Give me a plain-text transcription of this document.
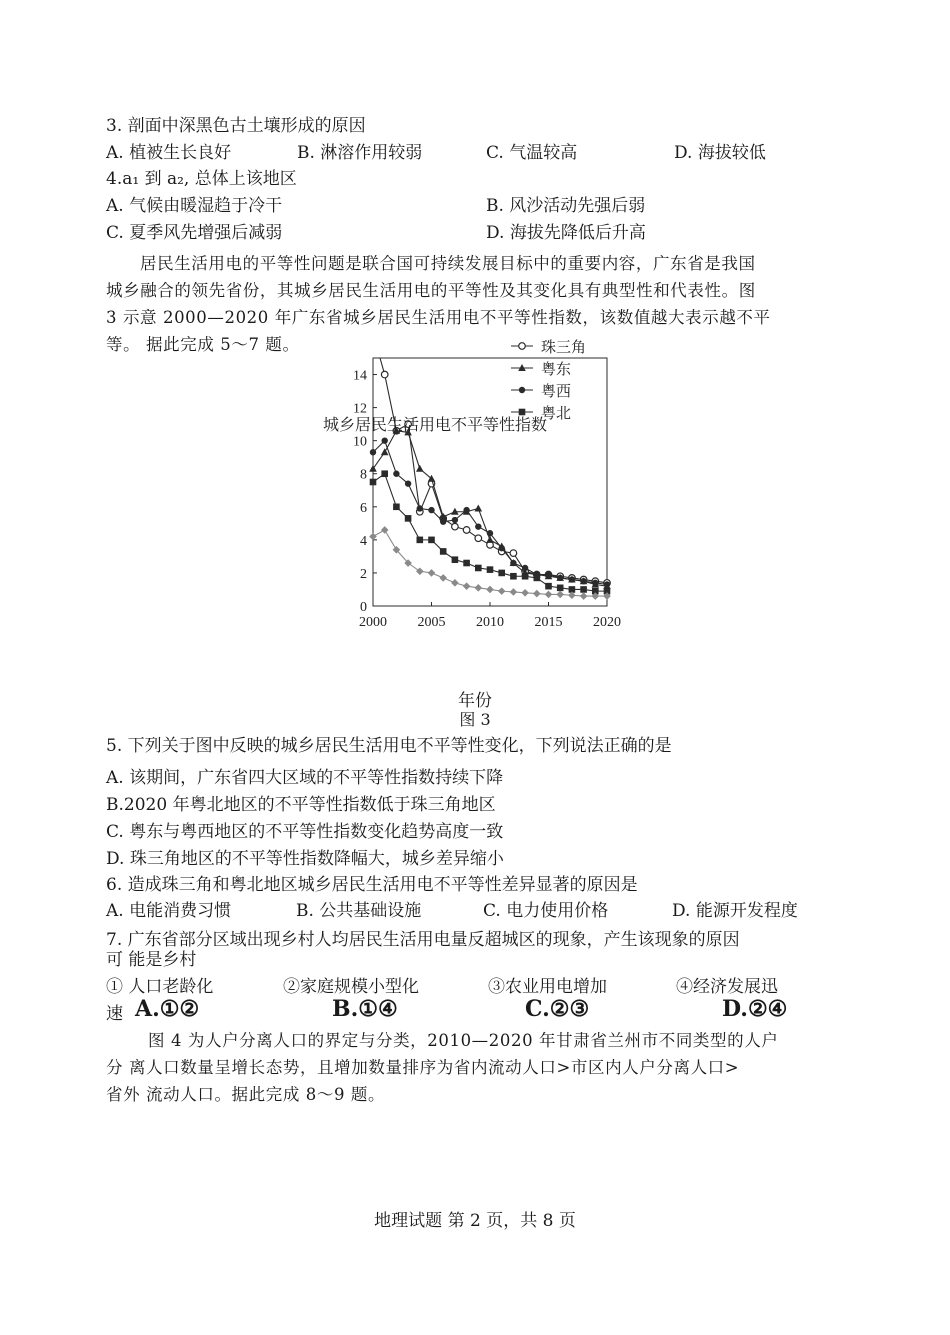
3. 剖面中深黑色古土壤形成的原因
A. 植被生长良好	B. 淋溶作用较弱	C. 气温较高	D. 海拔较低
4.a₁ 到 a₂, 总体上该地区
A. 气候由暖湿趋于冷干	B. 风沙活动先强后弱
C. 夏季风先增强后减弱	D. 海拔先降低后升高
居民生活用电的平等性问题是联合国可持续发展目标中的重要内容，广东省是我国
城乡融合的领先省份，其城乡居民生活用电的平等性及其变化具有典型性和代表性。图
3 示意 2000—2020 年广东省城乡居民生活用电不平等性指数，该数值越大表示越不平
等。 据此完成 5～7 题。
0
2
4
6
8
10
12
14
2000 2005 2010 2015 2020
珠三角
粤东
粤西
粤北
城乡居民生活用电不平等性指数
年份
图 3
5. 下列关于图中反映的城乡居民生活用电不平等性变化，下列说法正确的是
A. 该期间，广东省四大区域的不平等性指数持续下降
B.2020 年粤北地区的不平等性指数低于珠三角地区
C. 粤东与粤西地区的不平等性指数变化趋势高度一致
D. 珠三角地区的不平等性指数降幅大，城乡差异缩小
6. 造成珠三角和粤北地区城乡居民生活用电不平等性差异显著的原因是
A. 电能消费习惯	B. 公共基础设施	C. 电力使用价格	D. 能源开发程度
7. 广东省部分区域出现乡村人均居民生活用电量反超城区的现象，产生该现象的原因
可 能是乡村
① 人口老龄化	②家庭规模小型化	③农业用电增加	④经济发展迅
速 A.①②	B.①④	C.②③	D.②④
图 4 为人户分离人口的界定与分类，2010—2020 年甘肃省兰州市不同类型的人户
分 离人口数量呈增长态势，且增加数量排序为省内流动人口>市区内人户分离人口>
省外 流动人口。据此完成 8～9 题。
地理试题 第 2 页，共 8 页
